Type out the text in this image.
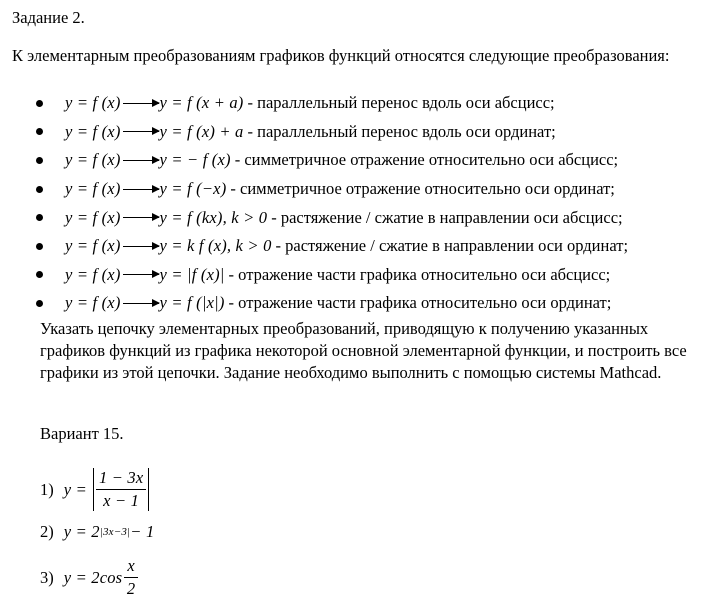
Задание 2.
К элементарным преобразованиям графиков функций относятся следующие преобразования:
y = f (x) y = f (x + a) - параллельный перенос вдоль оси абсцисс;
y = f (x) y = f (x) + a - параллельный перенос вдоль оси ординат;
y = f (x) y = − f (x) - симметричное отражение относительно оси абсцисс;
y = f (x) y = f (−x) - симметричное отражение относительно оси ординат;
y = f (x) y = f (kx), k > 0 - растяжение / сжатие в направлении оси абсцисс;
y = f (x) y = k f (x), k > 0 - растяжение / сжатие в направлении оси ординат;
y = f (x) y = |f (x)| - отражение части графика относительно оси абсцисс;
y = f (x) y = f (|x|) - отражение части графика относительно оси ординат;
Указать цепочку элементарных преобразований, приводящую к получению указанных графиков функций из графика некоторой основной элементарной функции, и построить все графики из этой цепочки. Задание необходимо выполнить с помощью системы Mathcad.
Вариант 15.
1) $y = \frac{1 - 3x}{x - 1}$
2) y = 2 |3x−3| − 1
3) $y = 2\cos \frac{x}{2}$
